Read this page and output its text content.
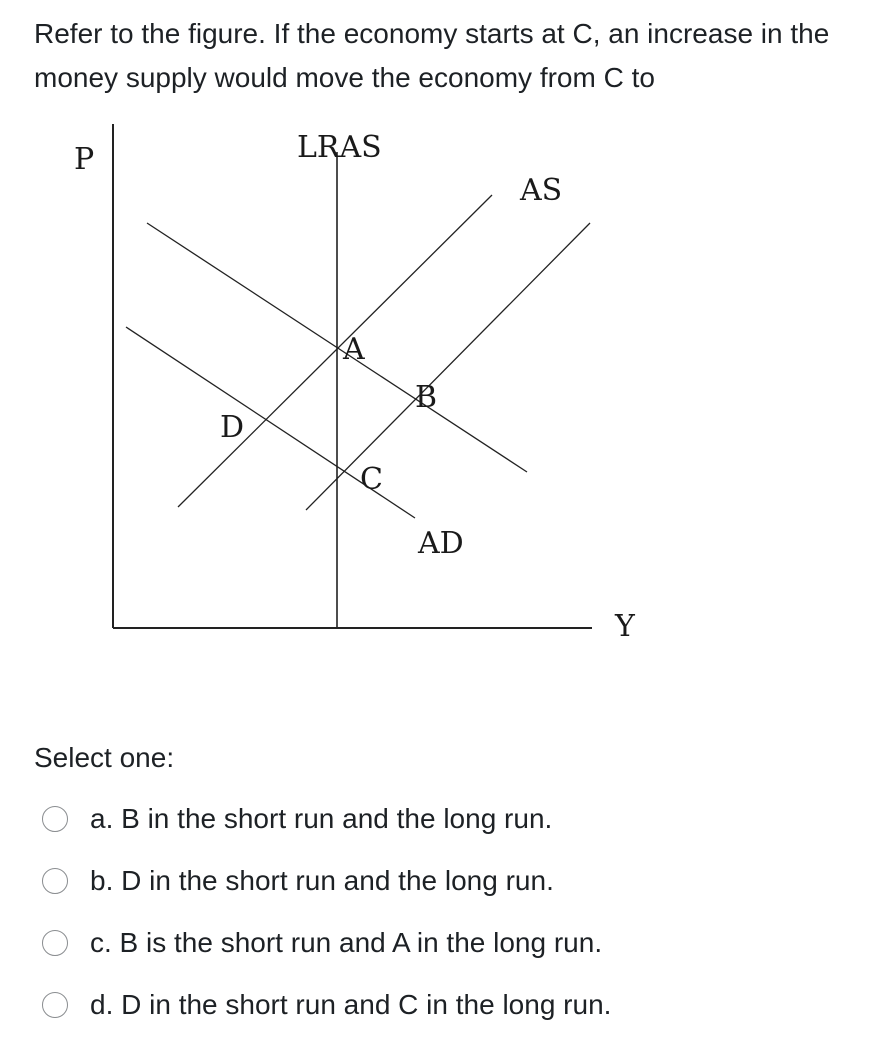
Refer to the figure. If the economy starts at C, an increase in the money supply would move the economy from C to

P	LRAS
AS
A
B
D
C
AD
Y

Select one:

a. B in the short run and the long run.
b. D in the short run and the long run.
c. B is the short run and A in the long run.
d. D in the short run and C in the long run.
